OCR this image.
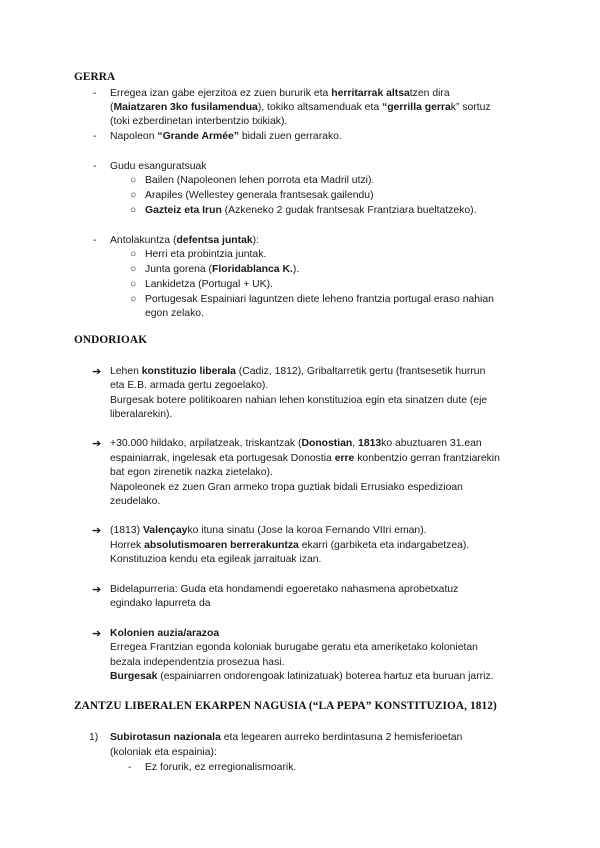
GERRA
- Erregea izan gabe ejerzitoa ez zuen bururik eta herritarrak altsatzen dira
(Maiatzaren 3ko fusilamendua), tokiko altsamenduak eta “gerrilla gerrak” sortuz
(toki ezberdinetan interbentzio txikiak).
- Napoleon “Grande Armée” bidali zuen gerrarako.
- Gudu esanguratsuak
○ Bailen (Napoleonen lehen porrota eta Madril utzi).
○ Arapiles (Wellestey generala frantsesak gailendu)
○ Gazteiz eta Irun (Azkeneko 2 gudak frantsesak Frantziara bueltatzeko).
- Antolakuntza (defentsa juntak):
○ Herri eta probintzia juntak.
○ Junta gorena (Floridablanca K.).
○ Lankidetza (Portugal + UK).
○ Portugesak Espainiari laguntzen diete leheno frantzia portugal eraso nahian
egon zelako.
ONDORIOAK
➔ Lehen konstituzio liberala (Cadiz, 1812), Gribaltarretik gertu (frantsesetik hurrun
eta E.B. armada gertu zegoelako).
Burgesak botere politikoaren nahian lehen konstituzioa egin eta sinatzen dute (eje
liberalarekin).
➔ +30.000 hildako, arpilatzeak, triskantzak (Donostian, 1813ko abuztuaren 31.ean
espainiarrak, ingelesak eta portugesak Donostia erre konbentzio gerran frantziarekin
bat egon zirenetik nazka zietelako).
Napoleonek ez zuen Gran armeko tropa guztiak bidali Errusiako espedizioan
zeudelako.
➔ (1813) Valençayko ituna sinatu (Jose la koroa Fernando VIIri eman).
Horrek absolutismoaren berrerakuntza ekarri (garbiketa eta indargabetzea).
Konstituzioa kendu eta egileak jarraituak izan.
➔ Bidelapurreria: Guda eta hondamendi egoeretako nahasmena aprobetxatuz
egindako lapurreta da
➔ Kolonien auzia/arazoa
Erregea Frantzian egonda koloniak burugabe geratu eta ameriketako kolonietan
bezala independentzia prosezua hasi.
Burgesak (espainiarren ondorengoak latinizatuak) boterea hartuz eta buruan jarriz.
ZANTZU LIBERALEN EKARPEN NAGUSIA (“LA PEPA” KONSTITUZIOA, 1812)
1) Subirotasun nazionala eta legearen aurreko berdintasuna 2 hemisferioetan
(koloniak eta espainia):
- Ez forurik, ez erregionalismoarik.
